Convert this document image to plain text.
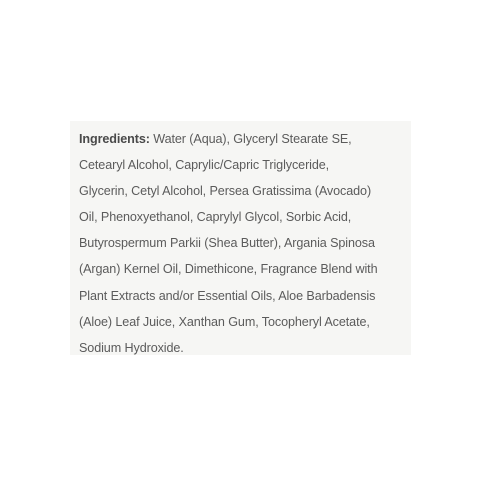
Ingredients: Water (Aqua), Glyceryl Stearate SE,
Cetearyl Alcohol, Caprylic/Capric Triglyceride,
Glycerin, Cetyl Alcohol, Persea Gratissima (Avocado)
Oil, Phenoxyethanol, Caprylyl Glycol, Sorbic Acid,
Butyrospermum Parkii (Shea Butter), Argania Spinosa
(Argan) Kernel Oil, Dimethicone, Fragrance Blend with
Plant Extracts and/or Essential Oils, Aloe Barbadensis
(Aloe) Leaf Juice, Xanthan Gum, Tocopheryl Acetate,
Sodium Hydroxide.
